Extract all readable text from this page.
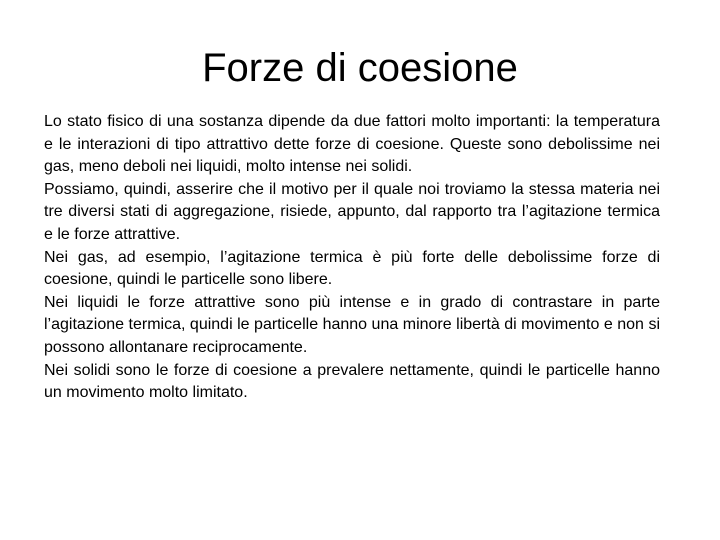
Forze di coesione

Lo stato fisico di una sostanza dipende da due fattori molto importanti: la temperatura e le interazioni di tipo attrattivo dette forze di coesione. Queste sono debolissime nei gas, meno deboli nei liquidi, molto intense nei solidi.

Possiamo, quindi, asserire che il motivo per il quale noi troviamo la stessa materia nei tre diversi stati di aggregazione, risiede, appunto, dal rapporto tra l’agitazione termica e le forze attrattive.

Nei gas, ad esempio, l’agitazione termica è più forte delle debolissime forze di coesione, quindi le particelle sono libere.

Nei liquidi le forze attrattive sono più intense e in grado di contrastare in parte l’agitazione termica, quindi le particelle hanno una minore libertà di movimento e non si possono allontanare reciprocamente.

Nei solidi sono le forze di coesione a prevalere nettamente, quindi le particelle hanno un movimento molto limitato.
